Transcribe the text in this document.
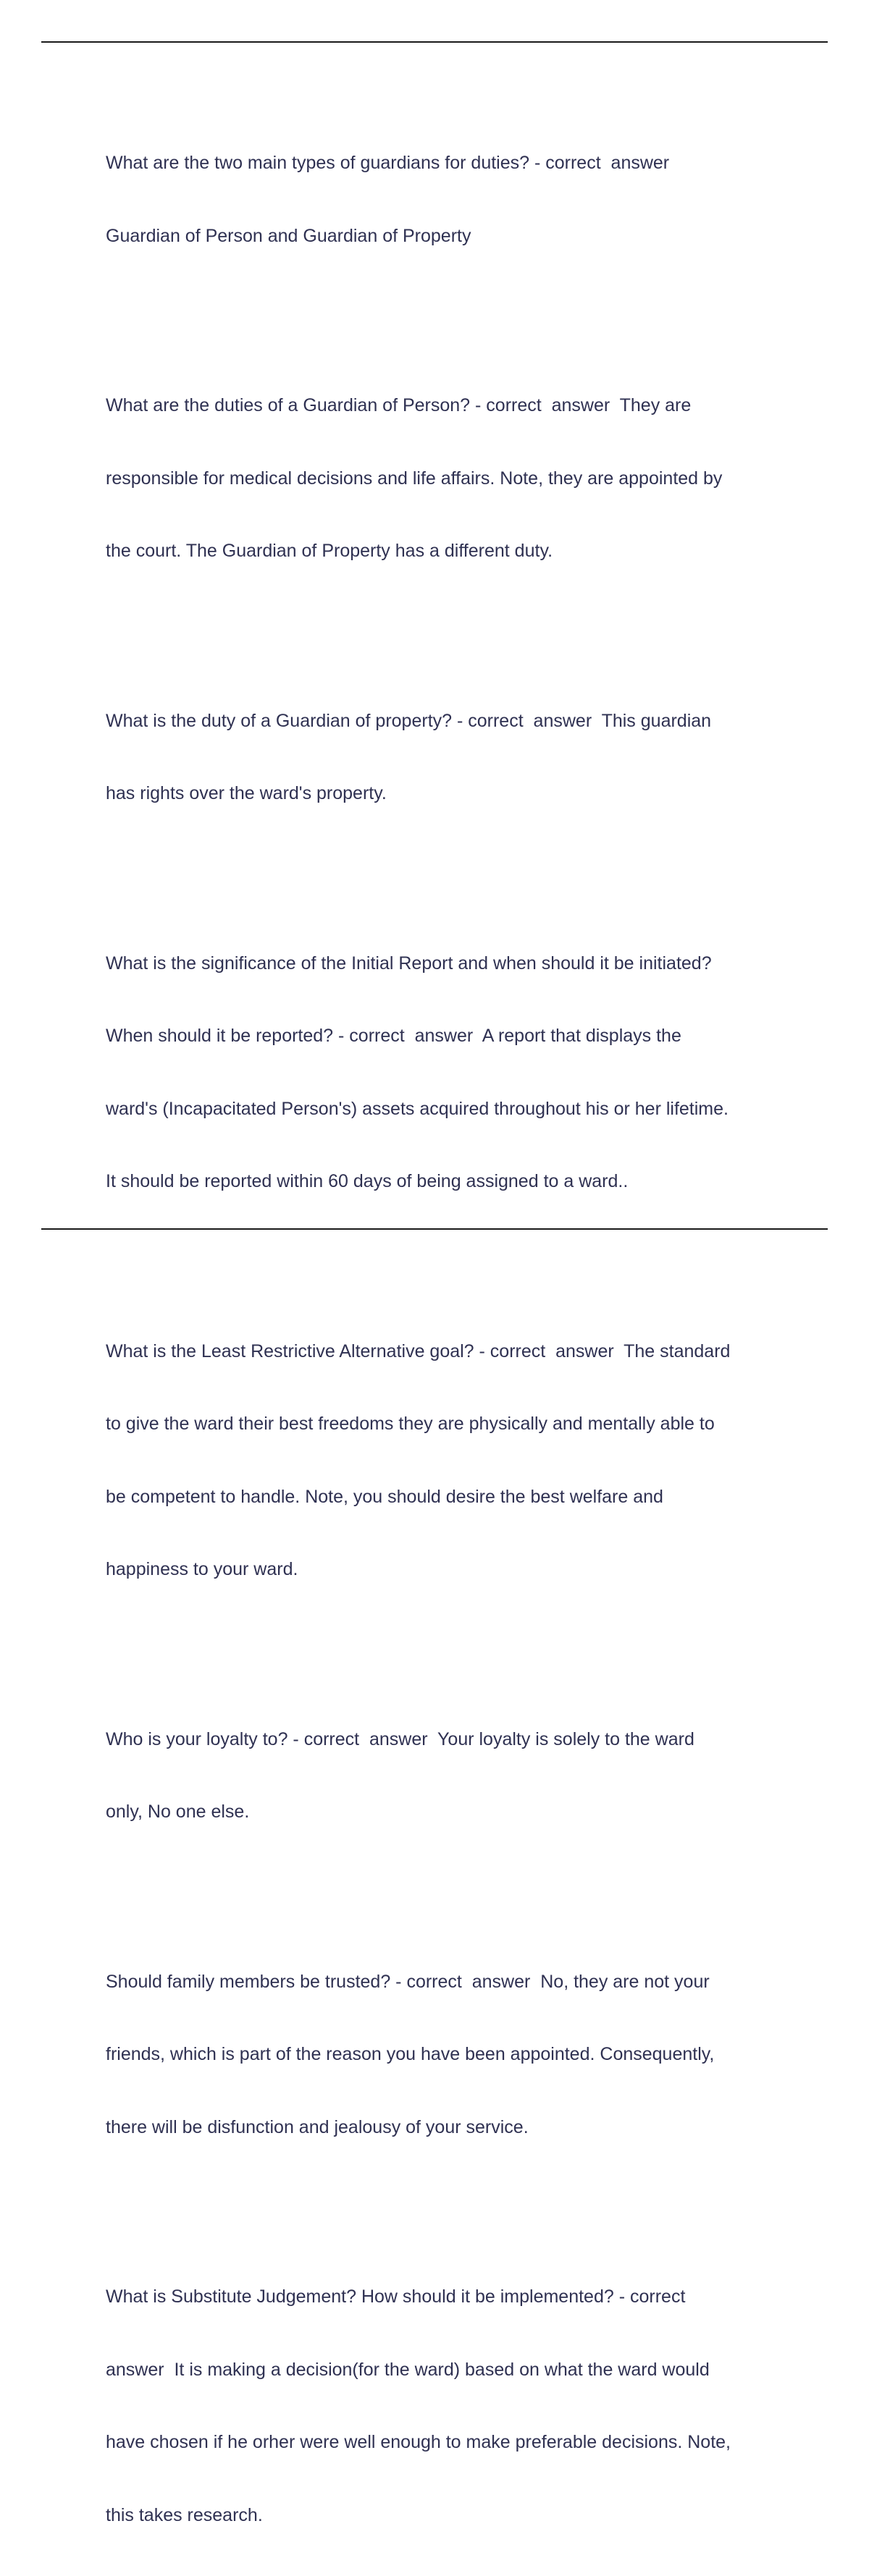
What are the two main types of guardians for duties? - correct  answer

Guardian of Person and Guardian of Property

What are the duties of a Guardian of Person? - correct  answer  They are

responsible for medical decisions and life affairs. Note, they are appointed by

the court. The Guardian of Property has a different duty.

What is the duty of a Guardian of property? - correct  answer  This guardian

has rights over the ward's property.

What is the significance of the Initial Report and when should it be initiated?

When should it be reported? - correct  answer  A report that displays the

ward's (Incapacitated Person's) assets acquired throughout his or her lifetime.

It should be reported within 60 days of being assigned to a ward..

What is the Least Restrictive Alternative goal? - correct  answer  The standard

to give the ward their best freedoms they are physically and mentally able to

be competent to handle. Note, you should desire the best welfare and

happiness to your ward.

Who is your loyalty to? - correct  answer  Your loyalty is solely to the ward

only, No one else.

Should family members be trusted? - correct  answer  No, they are not your

friends, which is part of the reason you have been appointed. Consequently,

there will be disfunction and jealousy of your service.

What is Substitute Judgement? How should it be implemented? - correct

answer  It is making a decision(for the ward) based on what the ward would

have chosen if he orher were well enough to make preferable decisions. Note,

this takes research.
